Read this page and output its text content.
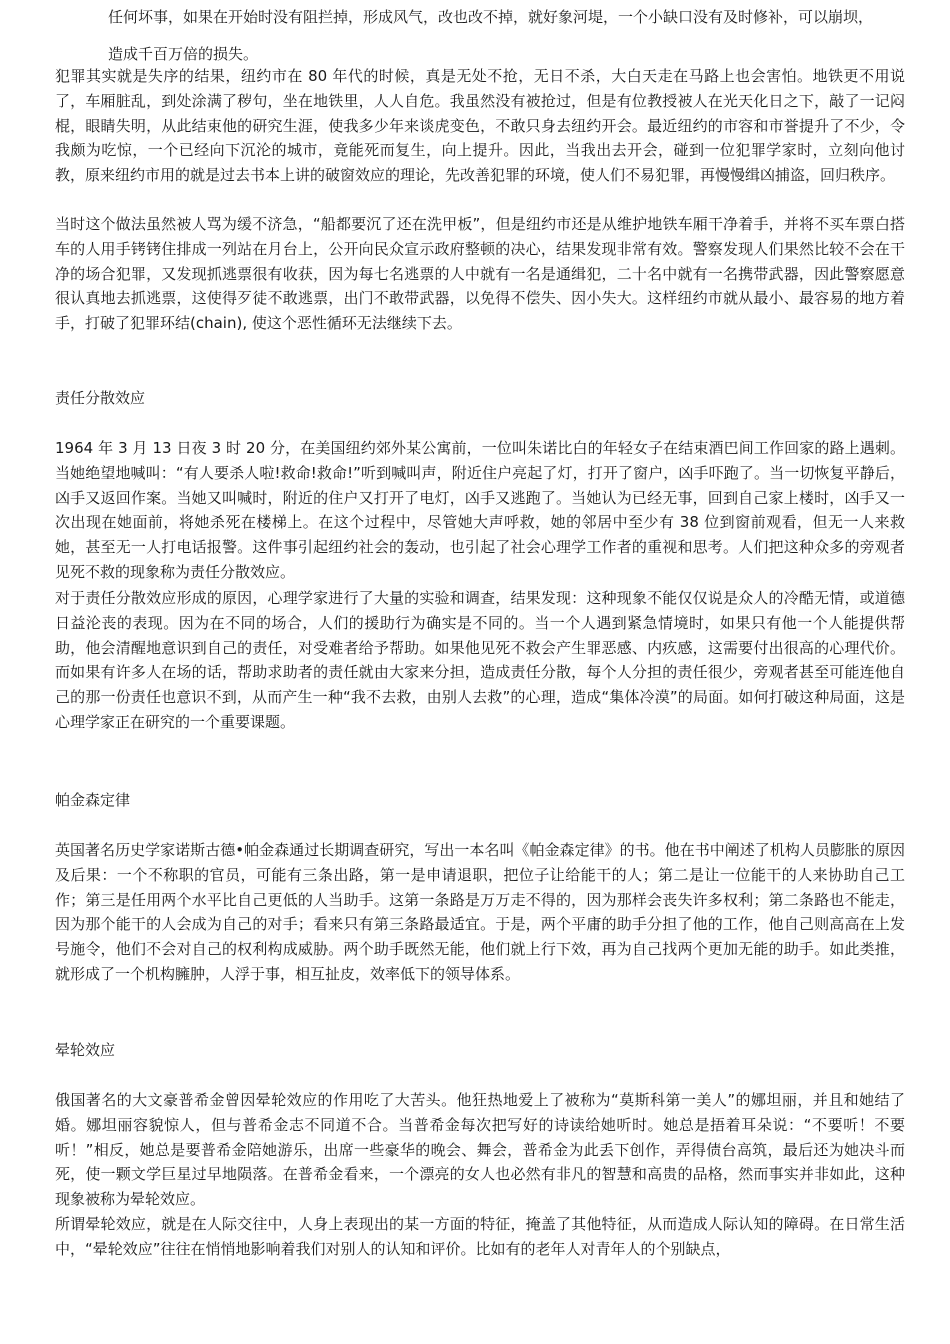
任何坏事，如果在开始时没有阻拦掉，形成风气，改也改不掉，就好象河堤，一个小缺口没有及时修补，可以崩坝，

造成千百万倍的损失。

犯罪其实就是失序的结果，纽约市在 80 年代的时候，真是无处不抢，无日不杀，大白天走在马路上也会害怕。地铁更不用说了，车厢脏乱，到处涂满了秽句，坐在地铁里，人人自危。我虽然没有被抢过，但是有位教授被人在光天化日之下，敲了一记闷棍，眼睛失明，从此结束他的研究生涯，使我多少年来谈虎变色，不敢只身去纽约开会。最近纽约的市容和市誉提升了不少，令我颇为吃惊，一个已经向下沉沦的城市，竟能死而复生，向上提升。因此，当我出去开会，碰到一位犯罪学家时，立刻向他讨教，原来纽约市用的就是过去书本上讲的破窗效应的理论，先改善犯罪的环境，使人们不易犯罪，再慢慢缉凶捕盗，回归秩序。

当时这个做法虽然被人骂为缓不济急，“船都要沉了还在洗甲板”，但是纽约市还是从维护地铁车厢干净着手，并将不买车票白搭车的人用手铐铐住排成一列站在月台上，公开向民众宣示政府整顿的决心，结果发现非常有效。警察发现人们果然比较不会在干净的场合犯罪，又发现抓逃票很有收获，因为每七名逃票的人中就有一名是通缉犯，二十名中就有一名携带武器，因此警察愿意很认真地去抓逃票，这使得歹徒不敢逃票，出门不敢带武器，以免得不偿失、因小失大。这样纽约市就从最小、最容易的地方着手，打破了犯罪环结(chain), 使这个恶性循环无法继续下去。

责任分散效应

1964 年 3 月 13 日夜 3 时 20 分，在美国纽约郊外某公寓前，一位叫朱诺比白的年轻女子在结束酒巴间工作回家的路上遇刺。当她绝望地喊叫：“有人要杀人啦!救命!救命!”听到喊叫声，附近住户亮起了灯，打开了窗户，凶手吓跑了。当一切恢复平静后，凶手又返回作案。当她又叫喊时，附近的住户又打开了电灯，凶手又逃跑了。当她认为已经无事，回到自己家上楼时，凶手又一次出现在她面前，将她杀死在楼梯上。在这个过程中，尽管她大声呼救，她的邻居中至少有 38 位到窗前观看，但无一人来救她，甚至无一人打电话报警。这件事引起纽约社会的轰动，也引起了社会心理学工作者的重视和思考。人们把这种众多的旁观者见死不救的现象称为责任分散效应。

对于责任分散效应形成的原因，心理学家进行了大量的实验和调查，结果发现：这种现象不能仅仅说是众人的冷酷无情，或道德日益沦丧的表现。因为在不同的场合，人们的援助行为确实是不同的。当一个人遇到紧急情境时，如果只有他一个人能提供帮助，他会清醒地意识到自己的责任，对受难者给予帮助。如果他见死不救会产生罪恶感、内疚感，这需要付出很高的心理代价。而如果有许多人在场的话，帮助求助者的责任就由大家来分担，造成责任分散，每个人分担的责任很少，旁观者甚至可能连他自己的那一份责任也意识不到，从而产生一种“我不去救，由别人去救”的心理，造成“集体冷漠”的局面。如何打破这种局面，这是心理学家正在研究的一个重要课题。

帕金森定律

英国著名历史学家诺斯古德•帕金森通过长期调查研究，写出一本名叫《帕金森定律》的书。他在书中阐述了机构人员膨胀的原因及后果：一个不称职的官员，可能有三条出路，第一是申请退职，把位子让给能干的人；第二是让一位能干的人来协助自己工作；第三是任用两个水平比自己更低的人当助手。这第一条路是万万走不得的，因为那样会丧失许多权利；第二条路也不能走，因为那个能干的人会成为自己的对手；看来只有第三条路最适宜。于是，两个平庸的助手分担了他的工作，他自己则高高在上发号施令，他们不会对自己的权利构成威胁。两个助手既然无能，他们就上行下效，再为自己找两个更加无能的助手。如此类推，就形成了一个机构臃肿，人浮于事，相互扯皮，效率低下的领导体系。

晕轮效应

俄国著名的大文豪普希金曾因晕轮效应的作用吃了大苦头。他狂热地爱上了被称为“莫斯科第一美人”的娜坦丽，并且和她结了婚。娜坦丽容貌惊人，但与普希金志不同道不合。当普希金每次把写好的诗读给她听时。她总是捂着耳朵说：“不要听！不要听！”相反，她总是要普希金陪她游乐，出席一些豪华的晚会、舞会，普希金为此丢下创作，弄得债台高筑，最后还为她决斗而死，使一颗文学巨星过早地陨落。在普希金看来，一个漂亮的女人也必然有非凡的智慧和高贵的品格，然而事实并非如此，这种现象被称为晕轮效应。

所谓晕轮效应，就是在人际交往中，人身上表现出的某一方面的特征，掩盖了其他特征，从而造成人际认知的障碍。在日常生活中，“晕轮效应”往往在悄悄地影响着我们对别人的认知和评价。比如有的老年人对青年人的个别缺点，
